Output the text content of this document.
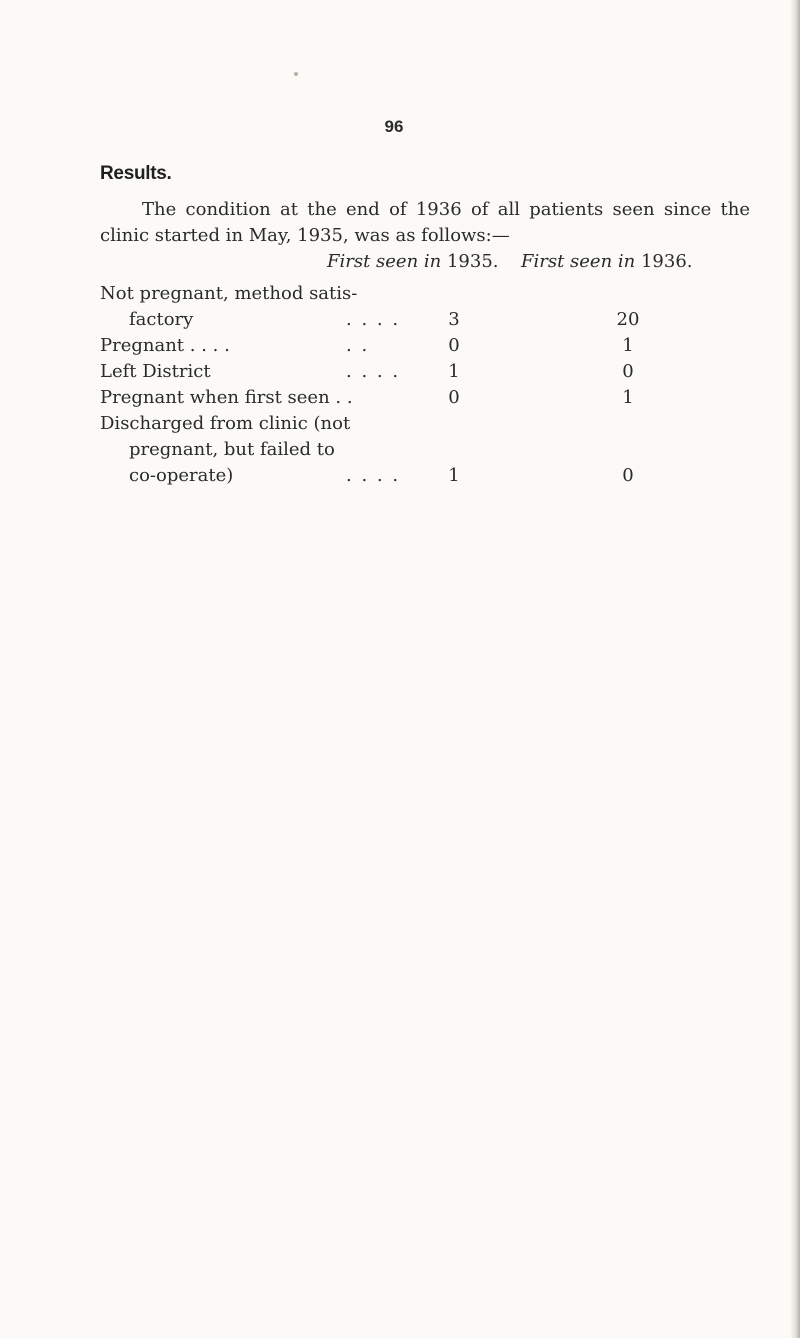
96
Results.
The condition at the end of 1936 of all patients seen since the clinic started in May, 1935, was as follows:—
First seen in 1935. First seen in 1936.
Not pregnant, method satis-
factory	. . . .	3	20
Pregnant . . . .	. .	0	1
Left District	. . . .	1	0
Pregnant when first seen . .	0	1
Discharged from clinic (not
pregnant, but failed to
co-operate)	. . . .	1	0
